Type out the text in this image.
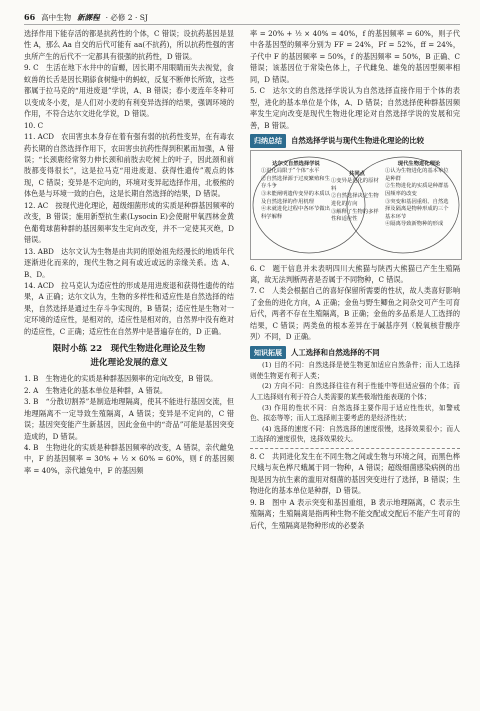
66 高中生物 新課程 · 必修 2 · SJ

选择作用下能存活的都是抗药性的个体，C 错误；设抗药基因是显性 A，那么 Aa 自交的后代可能有 aa(不抗药)，所以抗药性强的害虫所产生的后代不一定都具有很强的抗药性，D 错误。

9. C　生活在地下水井中的盲螈，因长期不用眼睛而失去视觉，食蚁兽的长舌是因长期舔食树缝中的蚂蚁，反复不断伸长所致，这些都属于拉马克的“用进废退”学说，A、B 错误；春小麦连年冬种可以变成冬小麦，是人们对小麦的有利变异选择的结果，强调环境的作用，不符合达尔文进化学说，D 错误。

10. C

11. ACD　农田害虫本身存在着有强有弱的抗药性变异，在有毒农药长期的自然选择作用下，农田害虫抗药性得到积累而加强，A 错误；“长颈鹿经常努力伸长颈和前肢去吃树上的叶子，因此颈和前肢都变得很长”，这是拉马克“用进废退、获得性遗传”观点的体现，C 错误；变异是不定向的，环境对变异起选择作用，北极熊的体色是与环境一致的白色，这是长期自然选择的结果，D 错误。

12. AC　按现代进化理论，超级细菌形成的实质是种群基因频率的改变，B 错误；施用新型抗生素(Lysocin E)会使耐甲氧西林金黄色葡萄球菌种群的基因频率发生定向改变，并不一定使其灭绝，D 错误。

13. ABD　达尔文认为生物是由共同的原始祖先经漫长的地质年代逐渐进化而来的，现代生物之间有或近或远的亲缘关系。选 A、B、D。

14. ACD　拉马克认为适应性的形成是用进废退和获得性遗传的结果，A 正确；达尔文认为，生物的多样性和适应性是自然选择的结果，自然选择是通过生存斗争实现的，B 错误；适应性是生物对一定环境的适应性，是相对的，适应性是相对的，自然界中没有绝对的适应性，C 正确；适应性在自然界中是普遍存在的，D 正确。

限时小练 22　现代生物进化理论及生物
进化理论发展的意义

1. B　生物进化的实质是种群基因频率的定向改变，B 错误。

2. A　生物进化的基本单位是种群，A 错误。

3. B　“分散切割养”是制造地理隔离，使其不能进行基因交流，但地理隔离不一定导致生殖隔离，A 错误；变异是不定向的，C 错误；基因突变能产生新基因，因此金鱼中的“奇品”可能是基因突变造成的，D 错误。

4. B　生物进化的实质是种群基因频率的改变，A 错误，亲代雌兔中，F 的基因频率 = 30% + ½ × 60% = 60%，则 f 的基因频率 = 40%，亲代雄兔中，F 的基因频

率 = 20% + ½ × 40% = 40%，f 的基因频率 = 60%，则子代中各基因型的频率分别为 FF = 24%，Ff = 52%，ff = 24%，子代中 F 的基因频率 = 50%，f 的基因频率 = 50%，B 正确、C 错误；该基因位于常染色体上，子代雌兔、雄兔的基因型频率相同，D 错误。

5. C　达尔文的自然选择学说认为自然选择直接作用于个体的表型，进化的基本单位是个体，A、D 错误；自然选择使种群基因频率发生定向改变是现代生物进化理论对自然选择学说的发展和完善，B 错误。

归纳总结	自然选择学说与现代生物进化理论的比较
达尔文自然选择学说
①进化局限于“个体”水平
②自然选择源于过度繁殖和生存斗争
③未能阐明遗传变异的本质以及自然选择的作用机理
④未就进化过程中各环节做出科学解释
共同点
①变异是进化的原材料
②自然选择决定生物进化的方向
③解释了生物的多样性和适应性
现代生物进化理论
①认为生物进化的基本单位是种群
②生物进化的实质是种群基因频率的改变
③突变和基因重组、自然选择及隔离是物种形成的三个基本环节
④隔离导致新物种的形成

6. C　题干信息并未表明四川大熊猫与陕西大熊猫已产生生殖隔离，故无法判断两者是否属于不同物种，C 错误。

7. C　人类会根据自己的喜好保留所需要的性状，故人类喜好影响了金鱼的进化方向，A 正确；金鱼与野生鲫鱼之间杂交可产生可育后代，两者不存在生殖隔离，B 正确；金鱼的多品系是人工选择的结果，C 错误；两类鱼的根本差异在于碱基序列（脱氧核苷酸序列）不同，D 正确。

知识拓展	人工选择和自然选择的不同

(1) 目的不同：自然选择是使生物更加适应自然条件；而人工选择则使生物更有利于人类；

(2) 方向不同：自然选择往往有利于性能中等但适应强的个体；而人工选择则有利于符合人类需要的某些极端性能表现的个体；

(3) 作用的性状不同：自然选择主要作用于适应性性状，如警戒色、拟态等等；而人工选择则主要考虑的是经济性状；

(4) 选择的速度不同：自然选择的速度很慢，选择效果很小；而人工选择的速度很快，选择效果较大。

8. C　共同进化发生在不同生物之间或生物与环境之间，而黑色桦尺蛾与灰色桦尺蛾属于同一物种，A 错误；超级细菌感染病例的出现是因为抗生素的滥用对细菌的基因突变进行了选择，B 错误；生物进化的基本单位是种群，D 错误。

9. B　图中 A 表示突变和基因重组，B 表示地理隔离，C 表示生殖隔离；生殖隔离是指两种生物不能交配或交配后不能产生可育的后代，生殖隔离是物种形成的必要条
